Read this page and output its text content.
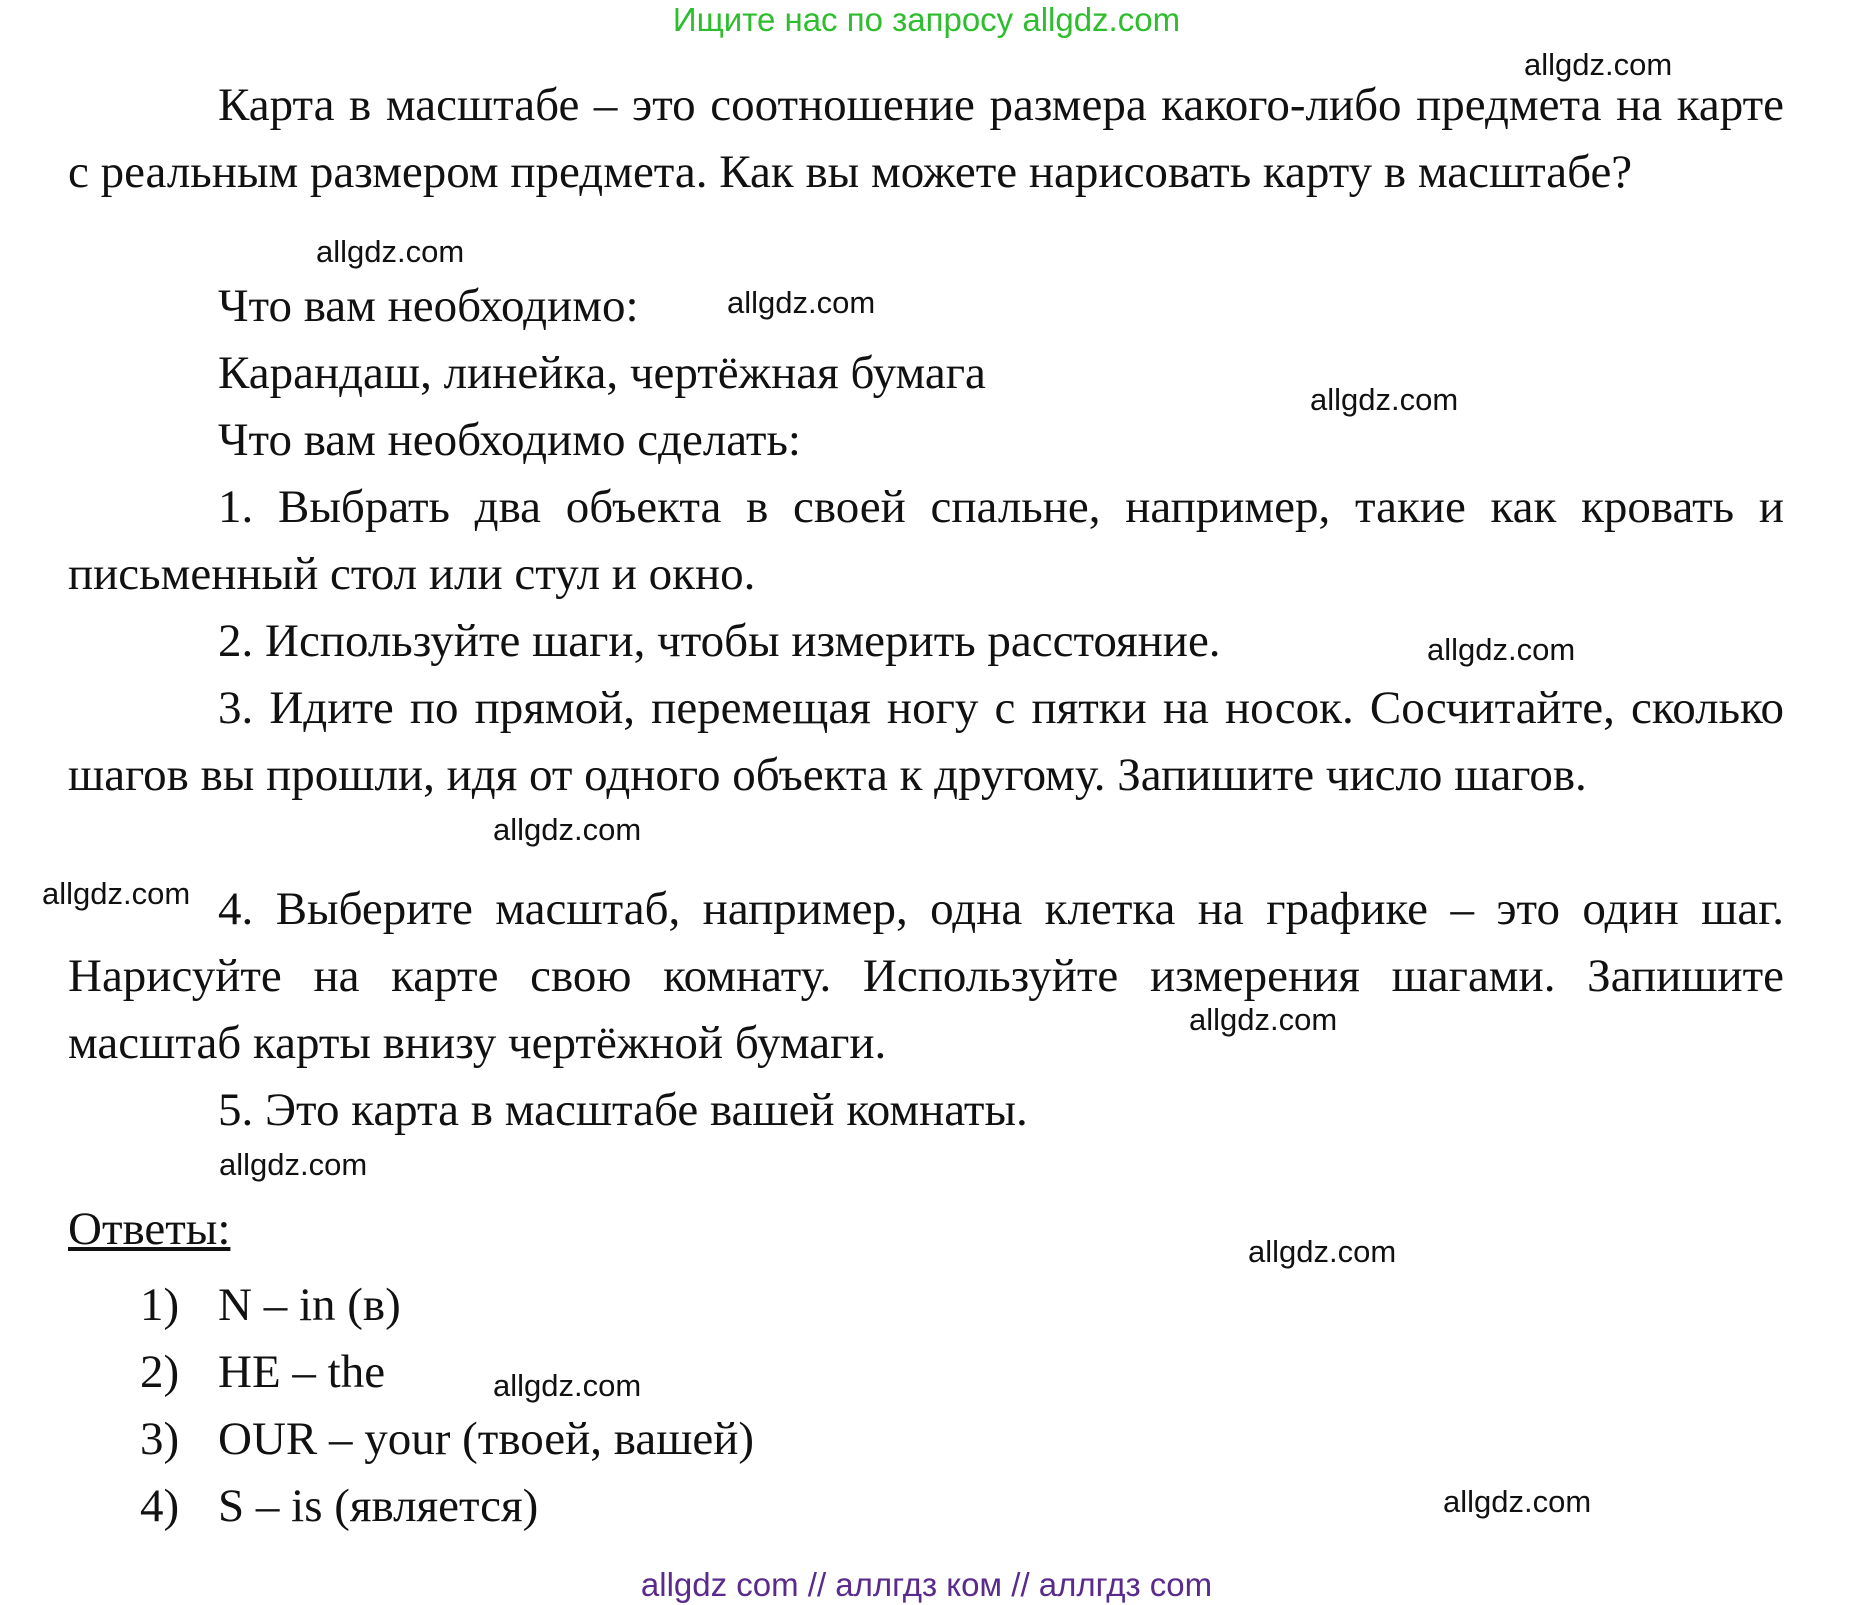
Ищите нас по запросу allgdz.com
Карта в масштабе – это соотношение размера какого-либо предмета на карте с реальным размером предмета. Как вы можете нарисовать карту в масштабе?
Что вам необходимо:
Карандаш, линейка, чертёжная бумага
Что вам необходимо сделать:
1. Выбрать два объекта в своей спальне, например, такие как кровать и письменный стол или стул и окно.
2. Используйте шаги, чтобы измерить расстояние.
3. Идите по прямой, перемещая ногу с пятки на носок. Сосчитайте, сколько шагов вы прошли, идя от одного объекта к другому. Запишите число шагов.
4. Выберите масштаб, например, одна клетка на графике – это один шаг. Нарисуйте на карте свою комнату. Используйте измерения шагами. Запишите масштаб карты внизу чертёжной бумаги.
5. Это карта в масштабе вашей комнаты.
Ответы:
1) N – in (в)
2) HE – the
3) OUR – your (твоей, вашей)
4) S – is (является)
allgdz.com
allgdz.com
allgdz.com
allgdz.com
allgdz.com
allgdz.com
allgdz.com
allgdz.com
allgdz.com
allgdz.com
allgdz.com
allgdz.com
allgdz com // аллгдз ком // аллгдз com
